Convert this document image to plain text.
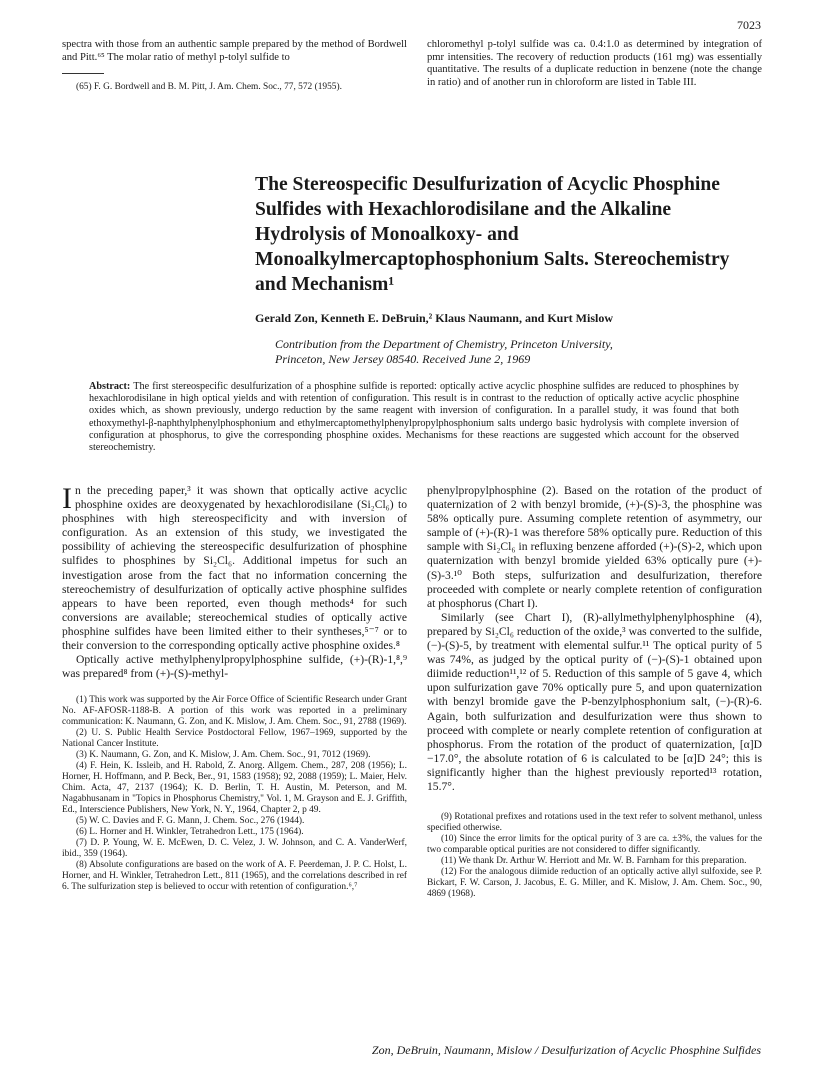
7023

spectra with those from an authentic sample prepared by the method of Bordwell and Pitt.⁶⁵ The molar ratio of methyl p-tolyl sulfide to

(65) F. G. Bordwell and B. M. Pitt, J. Am. Chem. Soc., 77, 572 (1955).

chloromethyl p-tolyl sulfide was ca. 0.4:1.0 as determined by integration of pmr intensities. The recovery of reduction products (161 mg) was essentially quantitative. The results of a duplicate reduction in benzene (note the change in ratio) and of another run in chloroform are listed in Table III.

The Stereospecific Desulfurization of Acyclic Phosphine Sulfides with Hexachlorodisilane and the Alkaline Hydrolysis of Monoalkoxy- and Monoalkylmercaptophosphonium Salts. Stereochemistry and Mechanism¹
Gerald Zon, Kenneth E. DeBruin,² Klaus Naumann, and Kurt Mislow
Contribution from the Department of Chemistry, Princeton University,
Princeton, New Jersey 08540. Received June 2, 1969
Abstract: The first stereospecific desulfurization of a phosphine sulfide is reported: optically active acyclic phosphine sulfides are reduced to phosphines by hexachlorodisilane in high optical yields and with retention of configuration. This result is in contrast to the reduction of optically active acyclic phosphine oxides which, as shown previously, undergo reduction by the same reagent with inversion of configuration. In a parallel study, it was found that both ethoxymethyl-β-naphthylphenylphosphonium and ethylmercaptomethylphenylpropylphosphonium salts undergo basic hydrolysis with complete inversion of configuration at phosphorus, to give the corresponding phosphine oxides. Mechanisms for these reactions are suggested which account for the observed stereochemistry.

In the preceding paper,³ it was shown that optically active acyclic phosphine oxides are deoxygenated by hexachlorodisilane (Si₂Cl₆) to phosphines with high stereospecificity and with inversion of configuration. As an extension of this study, we investigated the possibility of achieving the stereospecific desulfurization of phosphine sulfides to phosphines by Si₂Cl₆. Additional impetus for such an investigation arose from the fact that no information concerning the stereochemistry of desulfurization of optically active phosphine sulfides appears to have been reported, even though methods⁴ for such conversions are available; stereochemical studies of optically active phosphine sulfides have been limited either to their syntheses,⁵⁻⁷ or to their conversion to the corresponding optically active phosphine oxides.⁸

Optically active methylphenylpropylphosphine sulfide, (+)-(R)-1,⁸,⁹ was prepared⁸ from (+)-(S)-methyl-

(1) This work was supported by the Air Force Office of Scientific Research under Grant No. AF-AFOSR-1188-B. A portion of this work was reported in a preliminary communication: K. Naumann, G. Zon, and K. Mislow, J. Am. Chem. Soc., 91, 2788 (1969).

(2) U. S. Public Health Service Postdoctoral Fellow, 1967–1969, supported by the National Cancer Institute.

(3) K. Naumann, G. Zon, and K. Mislow, J. Am. Chem. Soc., 91, 7012 (1969).

(4) F. Hein, K. Issleib, and H. Rabold, Z. Anorg. Allgem. Chem., 287, 208 (1956); L. Horner, H. Hoffmann, and P. Beck, Ber., 91, 1583 (1958); 92, 2088 (1959); L. Maier, Helv. Chim. Acta, 47, 2137 (1964); K. D. Berlin, T. H. Austin, M. Peterson, and M. Nagabhusanam in "Topics in Phosphorus Chemistry," Vol. 1, M. Grayson and E. J. Griffith, Ed., Interscience Publishers, New York, N. Y., 1964, Chapter 2, p 49.

(5) W. C. Davies and F. G. Mann, J. Chem. Soc., 276 (1944).

(6) L. Horner and H. Winkler, Tetrahedron Lett., 175 (1964).

(7) D. P. Young, W. E. McEwen, D. C. Velez, J. W. Johnson, and C. A. VanderWerf, ibid., 359 (1964).

(8) Absolute configurations are based on the work of A. F. Peerdeman, J. P. C. Holst, L. Horner, and H. Winkler, Tetrahedron Lett., 811 (1965), and the correlations described in ref 6. The sulfurization step is believed to occur with retention of configuration.⁶,⁷

phenylpropylphosphine (2). Based on the rotation of the product of quaternization of 2 with benzyl bromide, (+)-(S)-3, the phosphine was 58% optically pure. Assuming complete retention of asymmetry, our sample of (+)-(R)-1 was therefore 58% optically pure. Reduction of this sample with Si₂Cl₆ in refluxing benzene afforded (+)-(S)-2, which upon quaternization with benzyl bromide yielded 63% optically pure (+)-(S)-3.¹⁰ Both steps, sulfurization and desulfurization, therefore proceeded with complete or nearly complete retention of configuration at phosphorus (Chart I).

Similarly (see Chart I), (R)-allylmethylphenylphosphine (4), prepared by Si₂Cl₆ reduction of the oxide,³ was converted to the sulfide, (−)-(S)-5, by treatment with elemental sulfur.¹¹ The optical purity of 5 was 74%, as judged by the optical purity of (−)-(S)-1 obtained upon diimide reduction¹¹,¹² of 5. Reduction of this sample of 5 gave 4, which upon sulfurization gave 70% optically pure 5, and upon quaternization with benzyl bromide gave the P-benzylphosphonium salt, (−)-(R)-6. Again, both sulfurization and desulfurization were thus shown to proceed with complete or nearly complete retention of configuration at phosphorus. From the rotation of the product of quaternization, [α]D −17.0°, the absolute rotation of 6 is calculated to be [α]D 24°; this is significantly higher than the highest previously reported¹³ rotation, 15.7°.

(9) Rotational prefixes and rotations used in the text refer to solvent methanol, unless specified otherwise.

(10) Since the error limits for the optical purity of 3 are ca. ±3%, the values for the two comparable optical purities are not considered to differ significantly.

(11) We thank Dr. Arthur W. Herriott and Mr. W. B. Farnham for this preparation.

(12) For the analogous diimide reduction of an optically active allyl sulfoxide, see P. Bickart, F. W. Carson, J. Jacobus, E. G. Miller, and K. Mislow, J. Am. Chem. Soc., 90, 4869 (1968).

Zon, DeBruin, Naumann, Mislow / Desulfurization of Acyclic Phosphine Sulfides
